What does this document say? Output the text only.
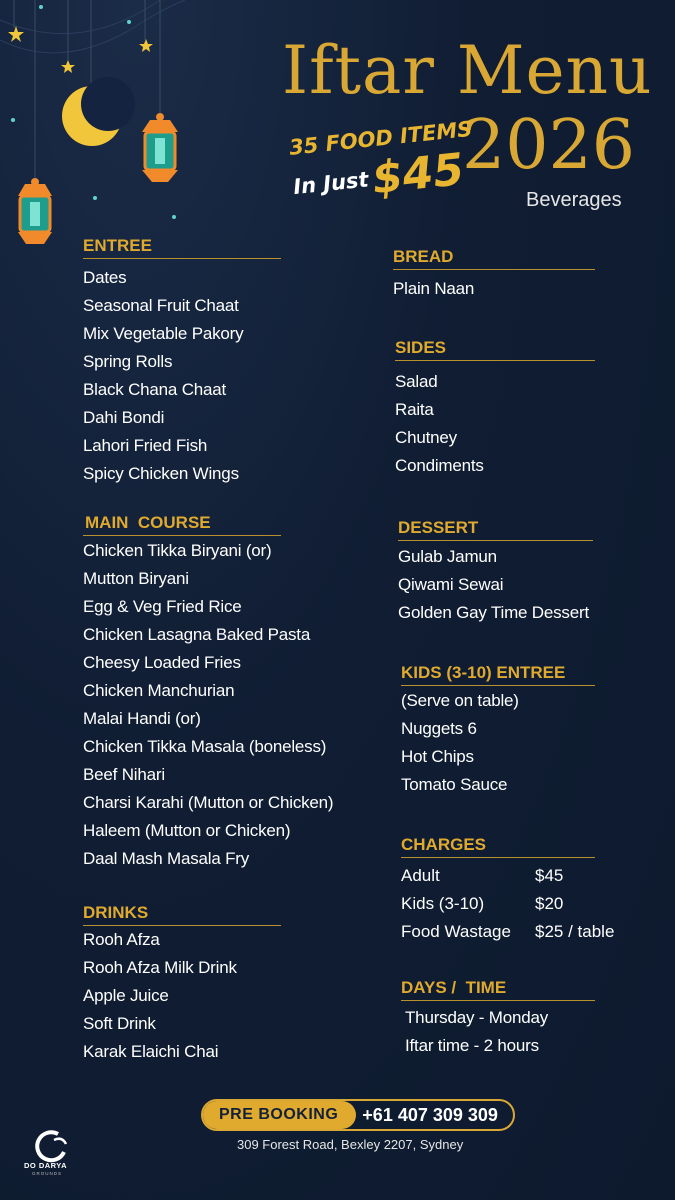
Iftar Menu
2026
Beverages
35 FOOD ITEMS
In Just$45
ENTREE
Dates
Seasonal Fruit Chaat
Mix Vegetable Pakory
Spring Rolls
Black Chana Chaat
Dahi Bondi
Lahori Fried Fish
Spicy Chicken Wings
MAIN  COURSE
Chicken Tikka Biryani (or)
Mutton Biryani
Egg & Veg Fried Rice
Chicken Lasagna Baked Pasta
Cheesy Loaded Fries
Chicken Manchurian
Malai Handi (or)
Chicken Tikka Masala (boneless)
Beef Nihari
Charsi Karahi (Mutton or Chicken)
Haleem (Mutton or Chicken)
Daal Mash Masala Fry
DRINKS
Rooh Afza
Rooh Afza Milk Drink
Apple Juice
Soft Drink
Karak Elaichi Chai
BREAD
Plain Naan
SIDES
Salad
Raita
Chutney
Condiments
DESSERT
Gulab Jamun
Qiwami Sewai
Golden Gay Time Dessert
KIDS (3-10) ENTREE
(Serve on table)
Nuggets 6
Hot Chips
Tomato Sauce
CHARGES
Adult	$45
Kids (3-10)	$20
Food Wastage $25 / table
DAYS /  TIME
Thursday - Monday
Iftar time - 2 hours
PRE BOOKING	+61 407 309 309
309 Forest Road, Bexley 2207, Sydney
DO DARYA
GROUNDS
